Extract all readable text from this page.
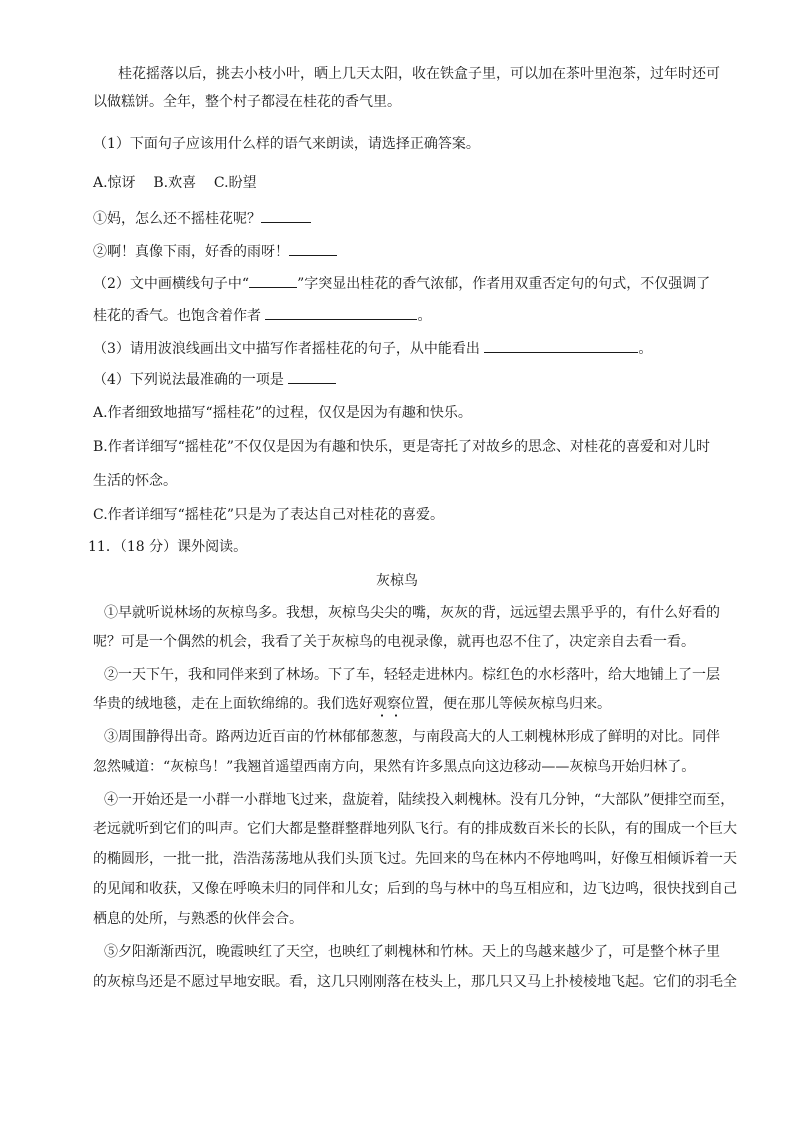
桂花摇落以后，挑去小枝小叶，晒上几天太阳，收在铁盒子里，可以加在茶叶里泡茶，过年时还可
以做糕饼。全年，整个村子都浸在桂花的香气里。
（1）下面句子应该用什么样的语气来朗读，请选择正确答案。
A.惊讶    B.欢喜    C.盼望
①妈，怎么还不摇桂花呢？
②啊！真像下雨，好香的雨呀！
（2）文中画横线句子中“	”字突显出桂花的香气浓郁，作者用双重否定句的句式，不仅强调了
桂花的香气。也饱含着作者	。
（3）请用波浪线画出文中描写作者摇桂花的句子，从中能看出	。
（4）下列说法最准确的一项是
A.作者细致地描写“摇桂花”的过程，仅仅是因为有趣和快乐。
B.作者详细写“摇桂花”不仅仅是因为有趣和快乐，更是寄托了对故乡的思念、对桂花的喜爱和对儿时
生活的怀念。
C.作者详细写“摇桂花”只是为了表达自己对桂花的喜爱。
11．（18 分）课外阅读。
灰椋鸟
①早就听说林场的灰椋鸟多。我想，灰椋鸟尖尖的嘴，灰灰的背，远远望去黑乎乎的，有什么好看的
呢？可是一个偶然的机会，我看了关于灰椋鸟的电视录像，就再也忍不住了，决定亲自去看一看。
②一天下午，我和同伴来到了林场。下了车，轻轻走进林内。棕红色的水杉落叶，给大地铺上了一层
华贵的绒地毯，走在上面软绵绵的。我们选好观察位置，便在那儿等候灰椋鸟归来。
③周围静得出奇。路两边近百亩的竹林郁郁葱葱，与南段高大的人工刺槐林形成了鲜明的对比。同伴
忽然喊道：“灰椋鸟！”我翘首遥望西南方向，果然有许多黑点向这边移动——灰椋鸟开始归林了。
④一开始还是一小群一小群地飞过来，盘旋着，陆续投入刺槐林。没有几分钟，“大部队”便排空而至，
老远就听到它们的叫声。它们大都是整群整群地列队飞行。有的排成数百米长的长队，有的围成一个巨大
的椭圆形，一批一批，浩浩荡荡地从我们头顶飞过。先回来的鸟在林内不停地鸣叫，好像互相倾诉着一天
的见闻和收获，又像在呼唤未归的同伴和儿女；后到的鸟与林中的鸟互相应和，边飞边鸣，很快找到自己
栖息的处所，与熟悉的伙伴会合。
⑤夕阳渐渐西沉，晚霞映红了天空，也映红了刺槐林和竹林。天上的鸟越来越少了，可是整个林子里
的灰椋鸟还是不愿过早地安眠。看，这几只刚刚落在枝头上，那几只又马上扑棱棱地飞起。它们的羽毛全
